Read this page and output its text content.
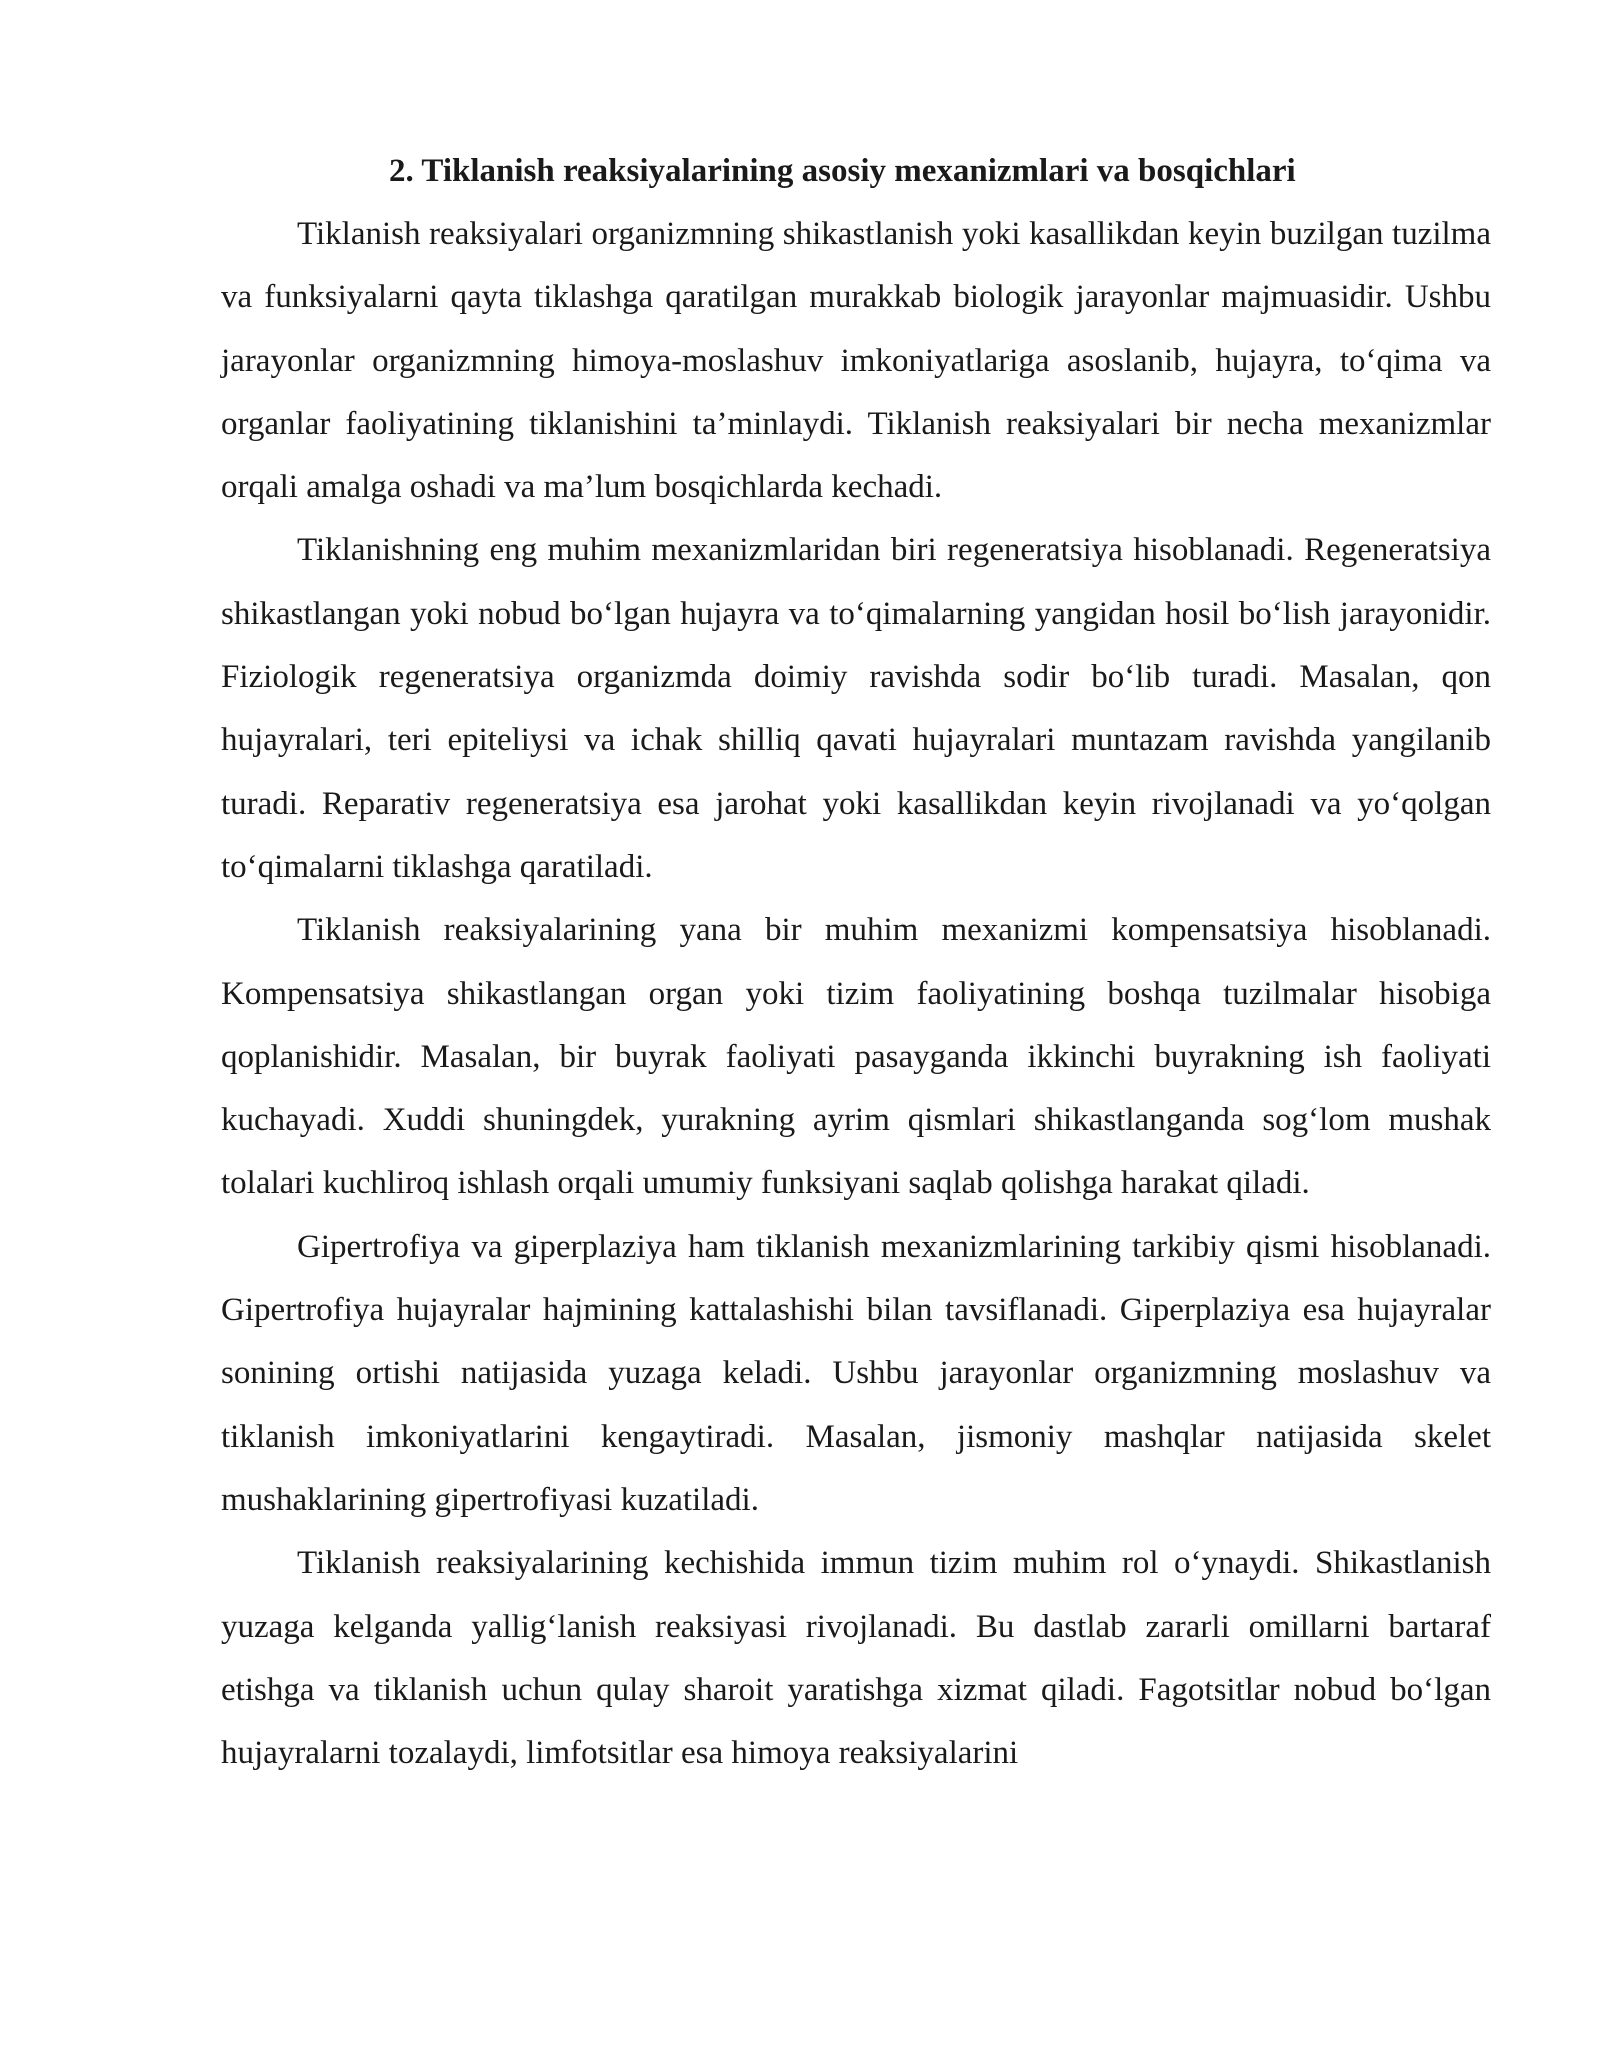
2. Tiklanish reaksiyalarining asosiy mexanizmlari va bosqichlari

Tiklanish reaksiyalari organizmning shikastlanish yoki kasallikdan keyin buzilgan tuzilma va funksiyalarni qayta tiklashga qaratilgan murakkab biologik jarayonlar majmuasidir. Ushbu jarayonlar organizmning himoya-moslashuv imkoniyatlariga asoslanib, hujayra, to‘qima va organlar faoliyatining tiklanishini ta’minlaydi. Tiklanish reaksiyalari bir necha mexanizmlar orqali amalga oshadi va ma’lum bosqichlarda kechadi.

Tiklanishning eng muhim mexanizmlaridan biri regeneratsiya hisoblanadi. Regeneratsiya shikastlangan yoki nobud bo‘lgan hujayra va to‘qimalarning yangidan hosil bo‘lish jarayonidir. Fiziologik regeneratsiya organizmda doimiy ravishda sodir bo‘lib turadi. Masalan, qon hujayralari, teri epiteliysi va ichak shilliq qavati hujayralari muntazam ravishda yangilanib turadi. Reparativ regeneratsiya esa jarohat yoki kasallikdan keyin rivojlanadi va yo‘qolgan to‘qimalarni tiklashga qaratiladi.

Tiklanish reaksiyalarining yana bir muhim mexanizmi kompensatsiya hisoblanadi. Kompensatsiya shikastlangan organ yoki tizim faoliyatining boshqa tuzilmalar hisobiga qoplanishidir. Masalan, bir buyrak faoliyati pasayganda ikkinchi buyrakning ish faoliyati kuchayadi. Xuddi shuningdek, yurakning ayrim qismlari shikastlanganda sog‘lom mushak tolalari kuchliroq ishlash orqali umumiy funksiyani saqlab qolishga harakat qiladi.

Gipertrofiya va giperplaziya ham tiklanish mexanizmlarining tarkibiy qismi hisoblanadi. Gipertrofiya hujayralar hajmining kattalashishi bilan tavsiflanadi. Giperplaziya esa hujayralar sonining ortishi natijasida yuzaga keladi. Ushbu jarayonlar organizmning moslashuv va tiklanish imkoniyatlarini kengaytiradi. Masalan, jismoniy mashqlar natijasida skelet mushaklarining gipertrofiyasi kuzatiladi.

Tiklanish reaksiyalarining kechishida immun tizim muhim rol o‘ynaydi. Shikastlanish yuzaga kelganda yallig‘lanish reaksiyasi rivojlanadi. Bu dastlab zararli omillarni bartaraf etishga va tiklanish uchun qulay sharoit yaratishga xizmat qiladi. Fagotsitlar nobud bo‘lgan hujayralarni tozalaydi, limfotsitlar esa himoya reaksiyalarini
